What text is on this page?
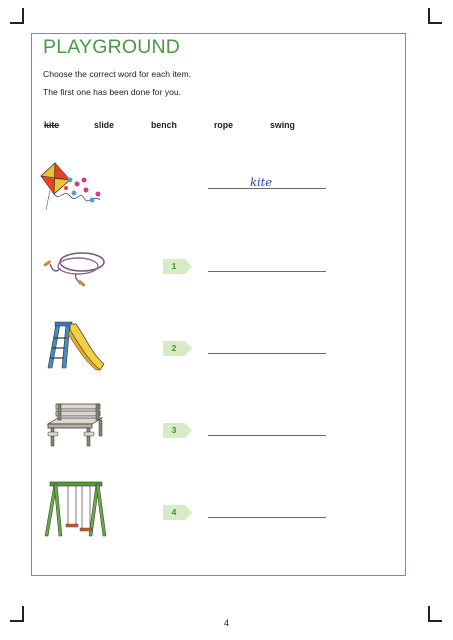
PLAYGROUND
Choose the correct word for each item.
The first one has been done for you.
kite	slide	bench	rope	swing
kite
1
2
3
4
4
